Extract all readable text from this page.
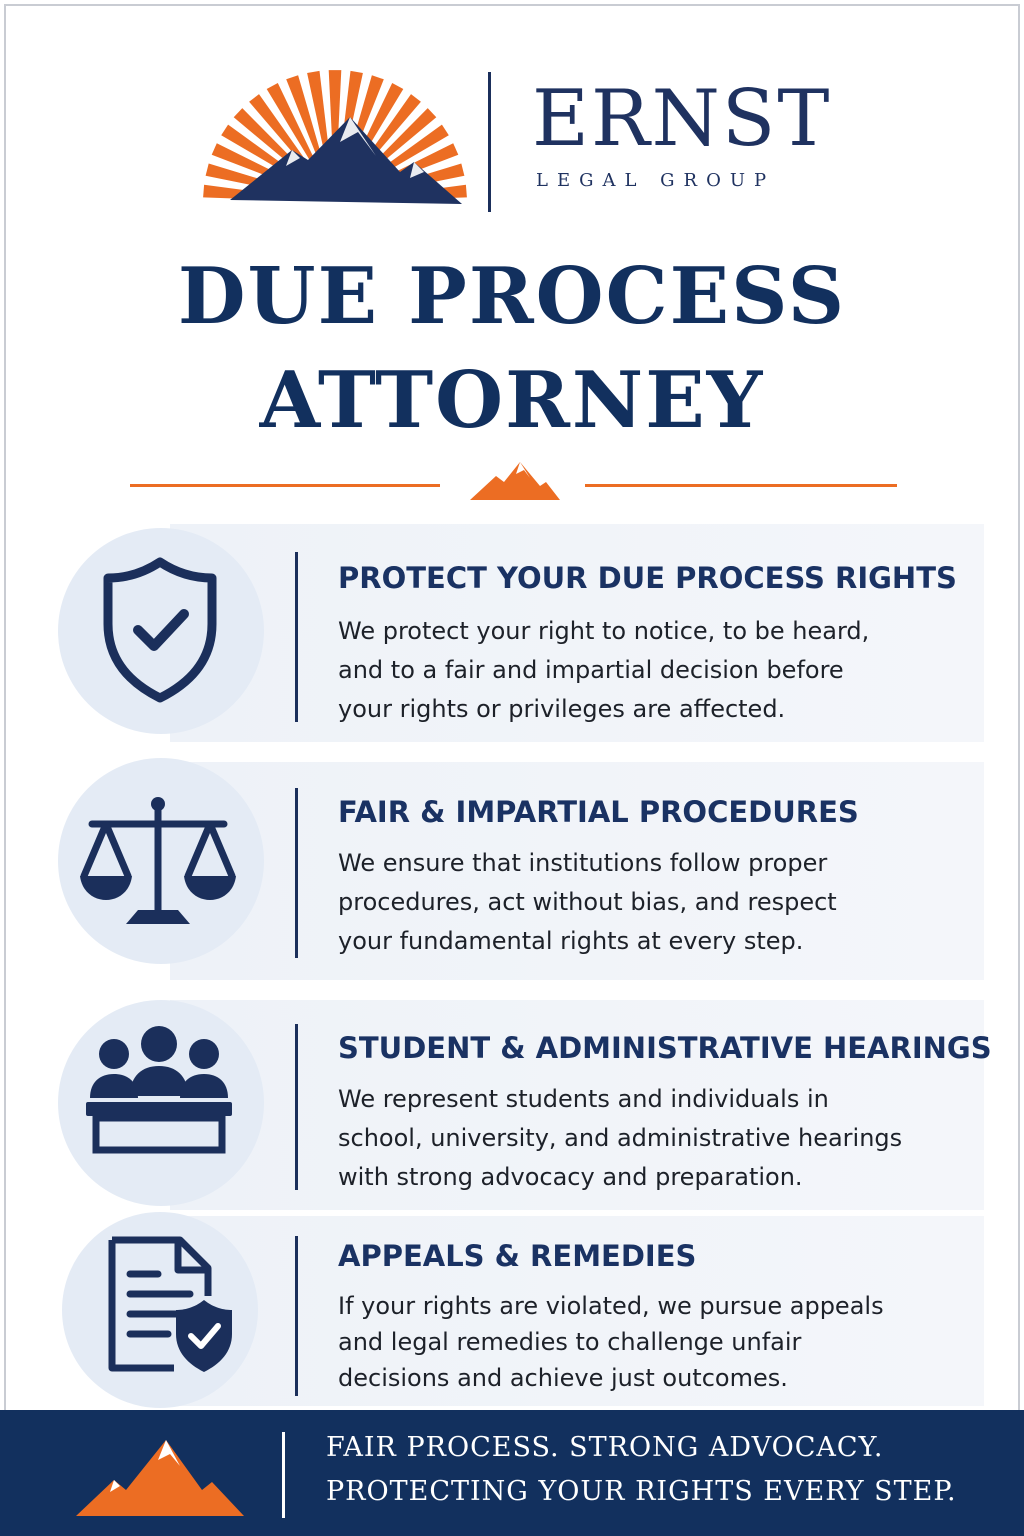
ERNST
LEGAL GROUP
DUE PROCESS
ATTORNEY
PROTECT YOUR DUE PROCESS RIGHTS
We protect your right to notice, to be heard,
and to a fair and impartial decision before
your rights or privileges are affected.
FAIR & IMPARTIAL PROCEDURES
We ensure that institutions follow proper
procedures, act without bias, and respect
your fundamental rights at every step.
STUDENT & ADMINISTRATIVE HEARINGS
We represent students and individuals in
school, university, and administrative hearings
with strong advocacy and preparation.
APPEALS & REMEDIES
If your rights are violated, we pursue appeals
and legal remedies to challenge unfair
decisions and achieve just outcomes.
FAIR PROCESS. STRONG ADVOCACY.
PROTECTING YOUR RIGHTS EVERY STEP.
